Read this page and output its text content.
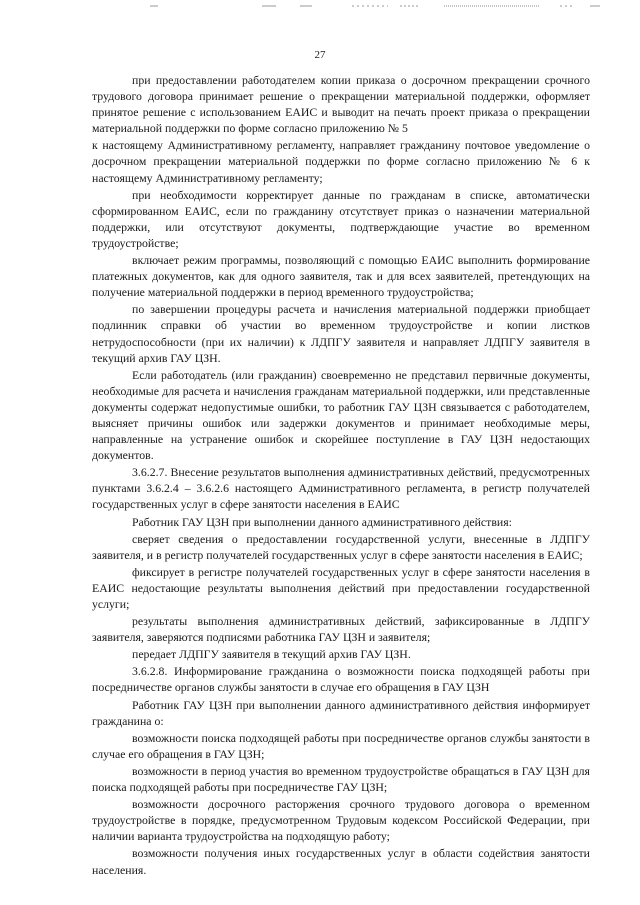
27

при предоставлении работодателем копии приказа о досрочном прекращении срочного трудового договора принимает решение о прекращении материальной поддержки, оформляет принятое решение с использованием ЕАИС и выводит на печать проект приказа о прекращении материальной поддержки по форме согласно приложению № 5

к настоящему Административному регламенту, направляет гражданину почтовое уведомление о досрочном прекращении материальной поддержки по форме согласно приложению № 6 к настоящему Административному регламенту;

при необходимости корректирует данные по гражданам в списке, автоматически сформированном ЕАИС, если по гражданину отсутствует приказ о назначении материальной поддержки, или отсутствуют документы, подтверждающие участие во временном трудоустройстве;

включает режим программы, позволяющий с помощью ЕАИС выполнить формирование платежных документов, как для одного заявителя, так и для всех заявителей, претендующих на получение материальной поддержки в период временного трудоустройства;

по завершении процедуры расчета и начисления материальной поддержки приобщает подлинник справки об участии во временном трудоустройстве и копии листков нетрудоспособности (при их наличии) к ЛДПГУ заявителя и направляет ЛДПГУ заявителя в текущий архив ГАУ ЦЗН.

Если работодатель (или гражданин) своевременно не представил первичные документы, необходимые для расчета и начисления гражданам материальной поддержки, или представленные документы содержат недопустимые ошибки, то работник ГАУ ЦЗН связывается с работодателем, выясняет причины ошибок или задержки документов и принимает необходимые меры, направленные на устранение ошибок и скорейшее поступление в ГАУ ЦЗН недостающих документов.

3.6.2.7. Внесение результатов выполнения административных действий, предусмотренных пунктами 3.6.2.4 – 3.6.2.6 настоящего Административного регламента, в регистр получателей государственных услуг в сфере занятости населения в ЕАИС

Работник ГАУ ЦЗН при выполнении данного административного действия:

сверяет сведения о предоставлении государственной услуги, внесенные в ЛДПГУ заявителя, и в регистр получателей государственных услуг в сфере занятости населения в ЕАИС;

фиксирует в регистре получателей государственных услуг в сфере занятости населения в ЕАИС недостающие результаты выполнения действий при предоставлении государственной услуги;

результаты выполнения административных действий, зафиксированные в ЛДПГУ заявителя, заверяются подписями работника ГАУ ЦЗН и заявителя;

передает ЛДПГУ заявителя в текущий архив ГАУ ЦЗН.

3.6.2.8. Информирование гражданина о возможности поиска подходящей работы при посредничестве органов службы занятости в случае его обращения в ГАУ ЦЗН

Работник ГАУ ЦЗН при выполнении данного административного действия информирует гражданина о:

возможности поиска подходящей работы при посредничестве органов службы занятости в случае его обращения в ГАУ ЦЗН;

возможности в период участия во временном трудоустройстве обращаться в ГАУ ЦЗН для поиска подходящей работы при посредничестве ГАУ ЦЗН;

возможности досрочного расторжения срочного трудового договора о временном трудоустройстве в порядке, предусмотренном Трудовым кодексом Российской Федерации, при наличии варианта трудоустройства на подходящую работу;

возможности получения иных государственных услуг в области содействия занятости населения.
